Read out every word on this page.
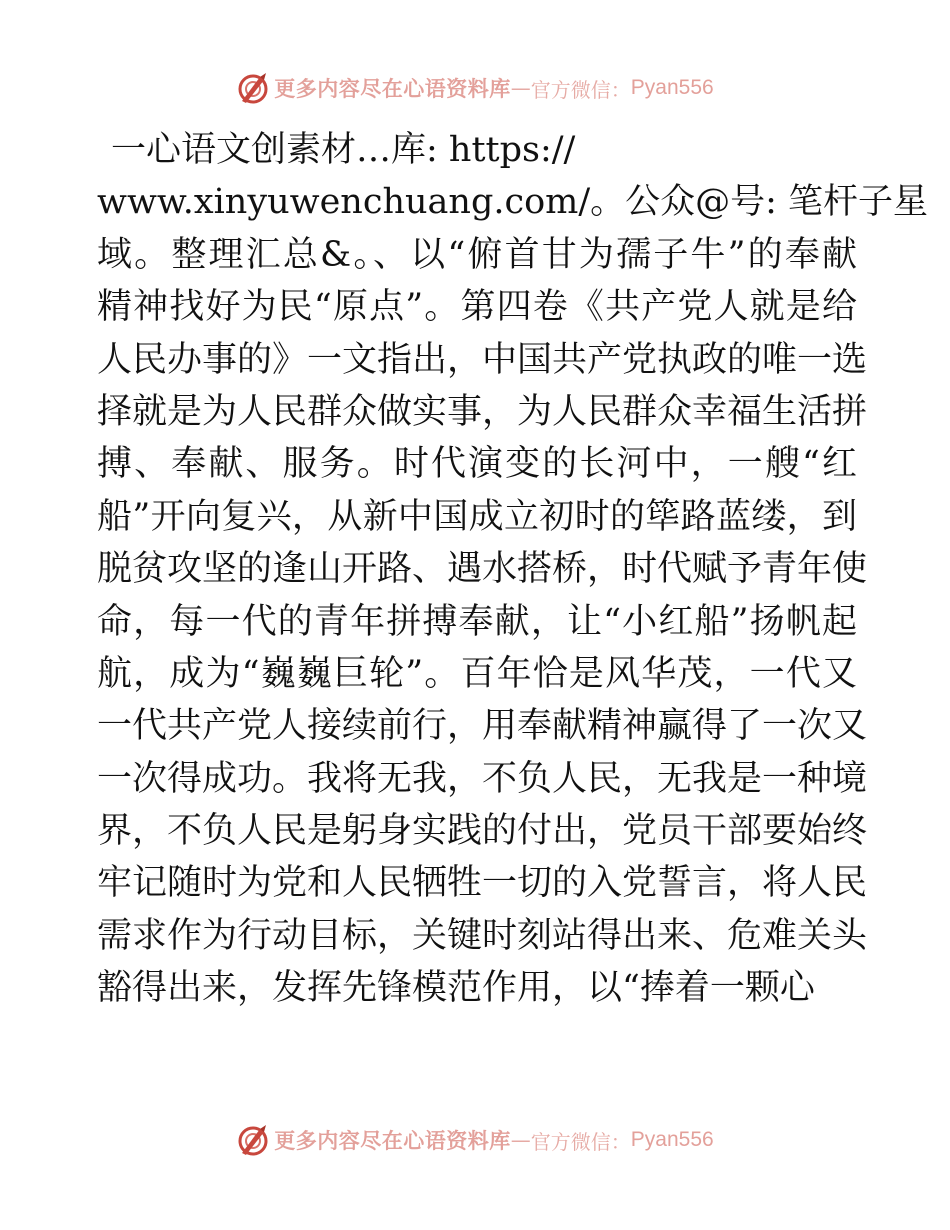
更多内容尽在心语资料库 — 官方微信： Pyan556
一心语文创素材…库: https://
www.xinyuwenchuang.com/。公众@号: 笔杆子星
域。整理汇总&。、以“俯首甘为孺子牛”的奉献
精神找好为民“原点”。第四卷《共产党人就是给
人民办事的》一文指出，中国共产党执政的唯一选
择就是为人民群众做实事，为人民群众幸福生活拼
搏、奉献、服务。时代演变的长河中，一艘“红
船”开向复兴，从新中国成立初时的筚路蓝缕，到
脱贫攻坚的逢山开路、遇水搭桥，时代赋予青年使
命，每一代的青年拼搏奉献，让“小红船”扬帆起
航，成为“巍巍巨轮”。百年恰是风华茂，一代又
一代共产党人接续前行，用奉献精神赢得了一次又
一次得成功。我将无我，不负人民，无我是一种境
界，不负人民是躬身实践的付出，党员干部要始终
牢记随时为党和人民牺牲一切的入党誓言，将人民
需求作为行动目标，关键时刻站得出来、危难关头
豁得出来，发挥先锋模范作用，以“捧着一颗心
更多内容尽在心语资料库 — 官方微信： Pyan556
